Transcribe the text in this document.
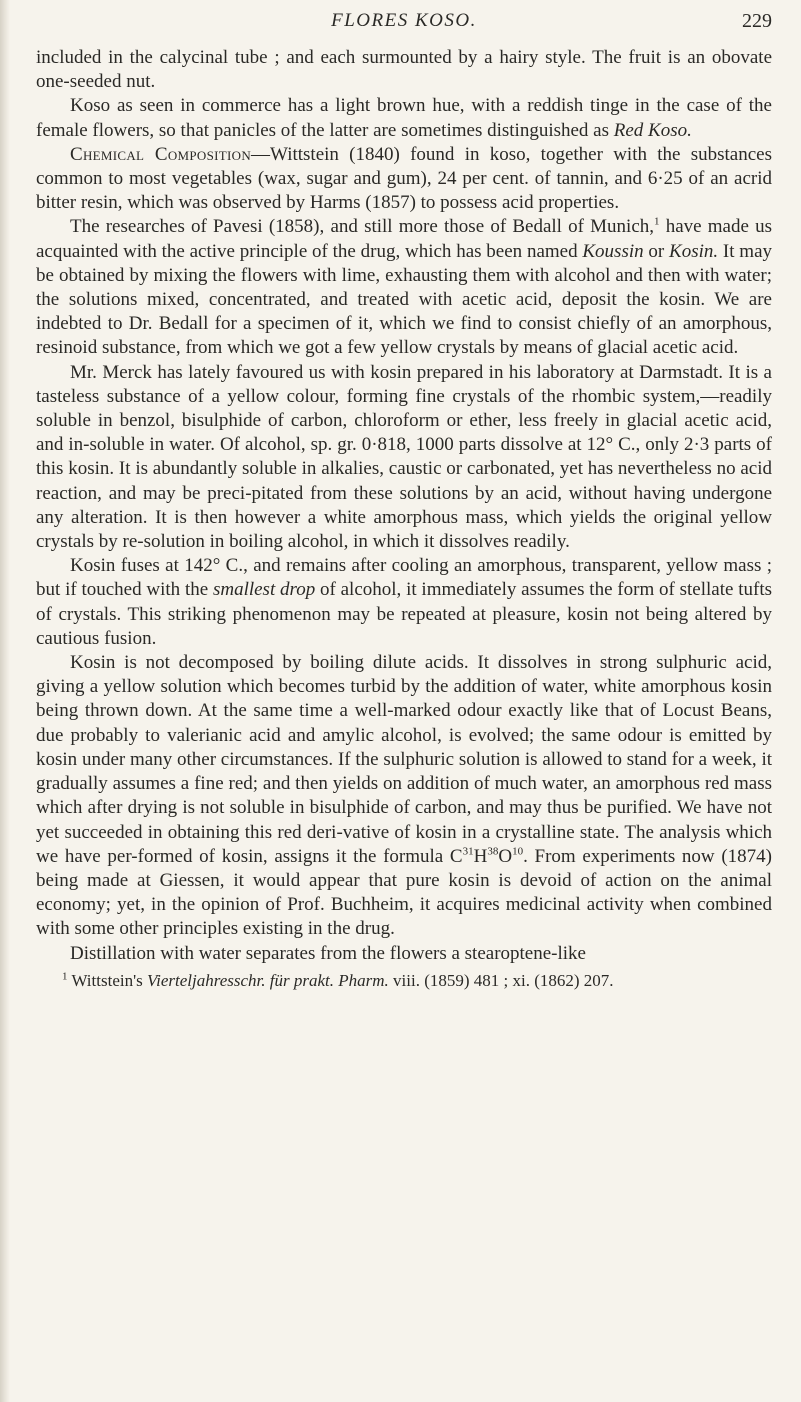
FLORES KOSO.	229

included in the calycinal tube ; and each surmounted by a hairy style. The fruit is an obovate one-seeded nut.

Koso as seen in commerce has a light brown hue, with a reddish tinge in the case of the female flowers, so that panicles of the latter are sometimes distinguished as Red Koso.

Chemical Composition—Wittstein (1840) found in koso, together with the substances common to most vegetables (wax, sugar and gum), 24 per cent. of tannin, and 6·25 of an acrid bitter resin, which was observed by Harms (1857) to possess acid properties.

The researches of Pavesi (1858), and still more those of Bedall of Munich,$^1$ have made us acquainted with the active principle of the drug, which has been named Koussin or Kosin. It may be obtained by mixing the flowers with lime, exhausting them with alcohol and then with water; the solutions mixed, concentrated, and treated with acetic acid, deposit the kosin. We are indebted to Dr. Bedall for a specimen of it, which we find to consist chiefly of an amorphous, resinoid substance, from which we got a few yellow crystals by means of glacial acetic acid.

Mr. Merck has lately favoured us with kosin prepared in his laboratory at Darmstadt. It is a tasteless substance of a yellow colour, forming fine crystals of the rhombic system,—readily soluble in benzol, bisulphide of carbon, chloroform or ether, less freely in glacial acetic acid, and in-soluble in water. Of alcohol, sp. gr. 0·818, 1000 parts dissolve at 12° C., only 2·3 parts of this kosin. It is abundantly soluble in alkalies, caustic or carbonated, yet has nevertheless no acid reaction, and may be preci-pitated from these solutions by an acid, without having undergone any alteration. It is then however a white amorphous mass, which yields the original yellow crystals by re-solution in boiling alcohol, in which it dissolves readily.

Kosin fuses at 142° C., and remains after cooling an amorphous, transparent, yellow mass ; but if touched with the smallest drop of alcohol, it immediately assumes the form of stellate tufts of crystals. This striking phenomenon may be repeated at pleasure, kosin not being altered by cautious fusion.

Kosin is not decomposed by boiling dilute acids. It dissolves in strong sulphuric acid, giving a yellow solution which becomes turbid by the addition of water, white amorphous kosin being thrown down. At the same time a well-marked odour exactly like that of Locust Beans, due probably to valerianic acid and amylic alcohol, is evolved; the same odour is emitted by kosin under many other circumstances. If the sulphuric solution is allowed to stand for a week, it gradually assumes a fine red; and then yields on addition of much water, an amorphous red mass which after drying is not soluble in bisulphide of carbon, and may thus be purified. We have not yet succeeded in obtaining this red deri-vative of kosin in a crystalline state. The analysis which we have per-formed of kosin, assigns it the formula $C^{31}H^{38}O^{10}$. From experiments now (1874) being made at Giessen, it would appear that pure kosin is devoid of action on the animal economy; yet, in the opinion of Prof. Buchheim, it acquires medicinal activity when combined with some other principles existing in the drug.

Distillation with water separates from the flowers a stearoptene-like

$^1$ Wittstein's Vierteljahresschr. für prakt. Pharm. viii. (1859) 481 ; xi. (1862) 207.
